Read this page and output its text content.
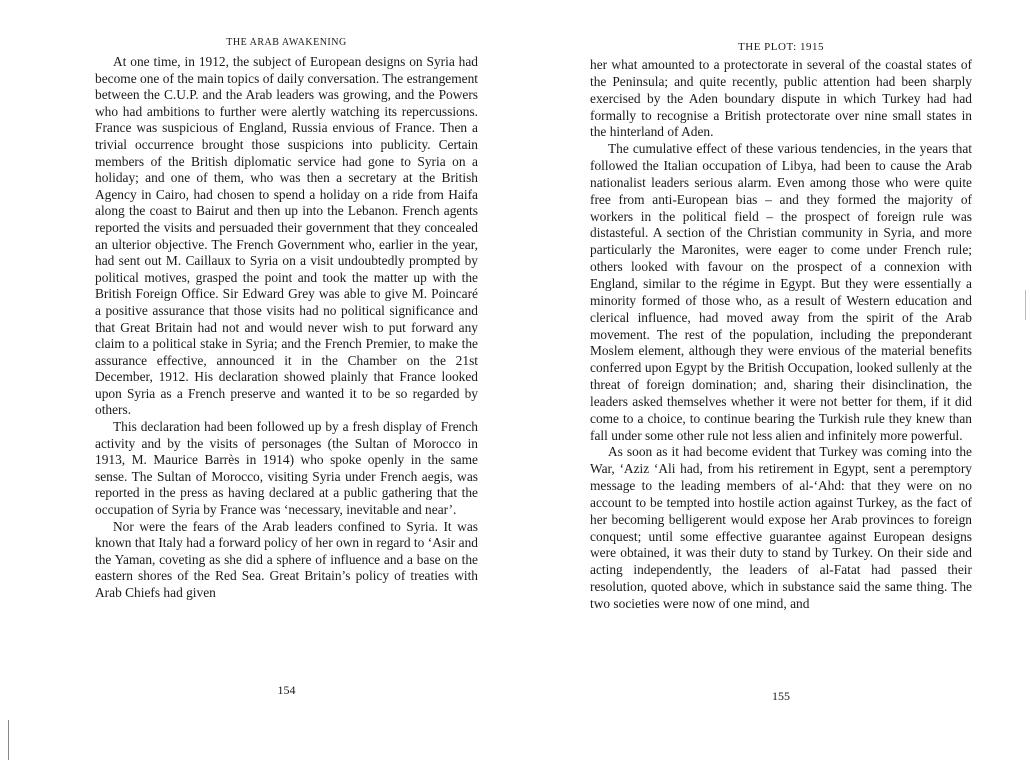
THE ARAB AWAKENING

At one time, in 1912, the subject of European designs on Syria had become one of the main topics of daily conversation. The estrangement between the C.U.P. and the Arab leaders was growing, and the Powers who had ambitions to further were alertly watching its repercussions. France was suspicious of England, Russia envious of France. Then a trivial occurrence brought those suspicions into publicity. Certain members of the British diplomatic service had gone to Syria on a holiday; and one of them, who was then a secretary at the British Agency in Cairo, had chosen to spend a holiday on a ride from Haifa along the coast to Bairut and then up into the Lebanon. French agents reported the visits and persuaded their government that they concealed an ulterior objective. The French Government who, earlier in the year, had sent out M. Caillaux to Syria on a visit undoubtedly prompted by political motives, grasped the point and took the matter up with the British Foreign Office. Sir Edward Grey was able to give M. Poincaré a positive assurance that those visits had no political significance and that Great Britain had not and would never wish to put forward any claim to a political stake in Syria; and the French Premier, to make the assurance effective, announced it in the Chamber on the 21st December, 1912. His declaration showed plainly that France looked upon Syria as a French preserve and wanted it to be so regarded by others.

This declaration had been followed up by a fresh display of French activity and by the visits of personages (the Sultan of Morocco in 1913, M. Maurice Barrès in 1914) who spoke openly in the same sense. The Sultan of Morocco, visiting Syria under French aegis, was reported in the press as having declared at a public gathering that the occupation of Syria by France was ‘necessary, inevitable and near’.

Nor were the fears of the Arab leaders confined to Syria. It was known that Italy had a forward policy of her own in regard to ‘Asir and the Yaman, coveting as she did a sphere of influence and a base on the eastern shores of the Red Sea. Great Britain’s policy of treaties with Arab Chiefs had given

154
THE PLOT: 1915

her what amounted to a protectorate in several of the coastal states of the Peninsula; and quite recently, public attention had been sharply exercised by the Aden boundary dispute in which Turkey had had formally to recognise a British protectorate over nine small states in the hinterland of Aden.

The cumulative effect of these various tendencies, in the years that followed the Italian occupation of Libya, had been to cause the Arab nationalist leaders serious alarm. Even among those who were quite free from anti-European bias – and they formed the majority of workers in the political field – the prospect of foreign rule was distasteful. A section of the Christian community in Syria, and more particularly the Maronites, were eager to come under French rule; others looked with favour on the prospect of a connexion with England, similar to the régime in Egypt. But they were essentially a minority formed of those who, as a result of Western education and clerical influence, had moved away from the spirit of the Arab movement. The rest of the population, including the preponderant Moslem element, although they were envious of the material benefits conferred upon Egypt by the British Occupation, looked sullenly at the threat of foreign domination; and, sharing their disinclination, the leaders asked themselves whether it were not better for them, if it did come to a choice, to continue bearing the Turkish rule they knew than fall under some other rule not less alien and infinitely more powerful.

As soon as it had become evident that Turkey was coming into the War, ‘Aziz ‘Ali had, from his retirement in Egypt, sent a peremptory message to the leading members of al-‘Ahd: that they were on no account to be tempted into hostile action against Turkey, as the fact of her becoming belligerent would expose her Arab provinces to foreign conquest; until some effective guarantee against European designs were obtained, it was their duty to stand by Turkey. On their side and acting independently, the leaders of al-Fatat had passed their resolution, quoted above, which in substance said the same thing. The two societies were now of one mind, and

155
